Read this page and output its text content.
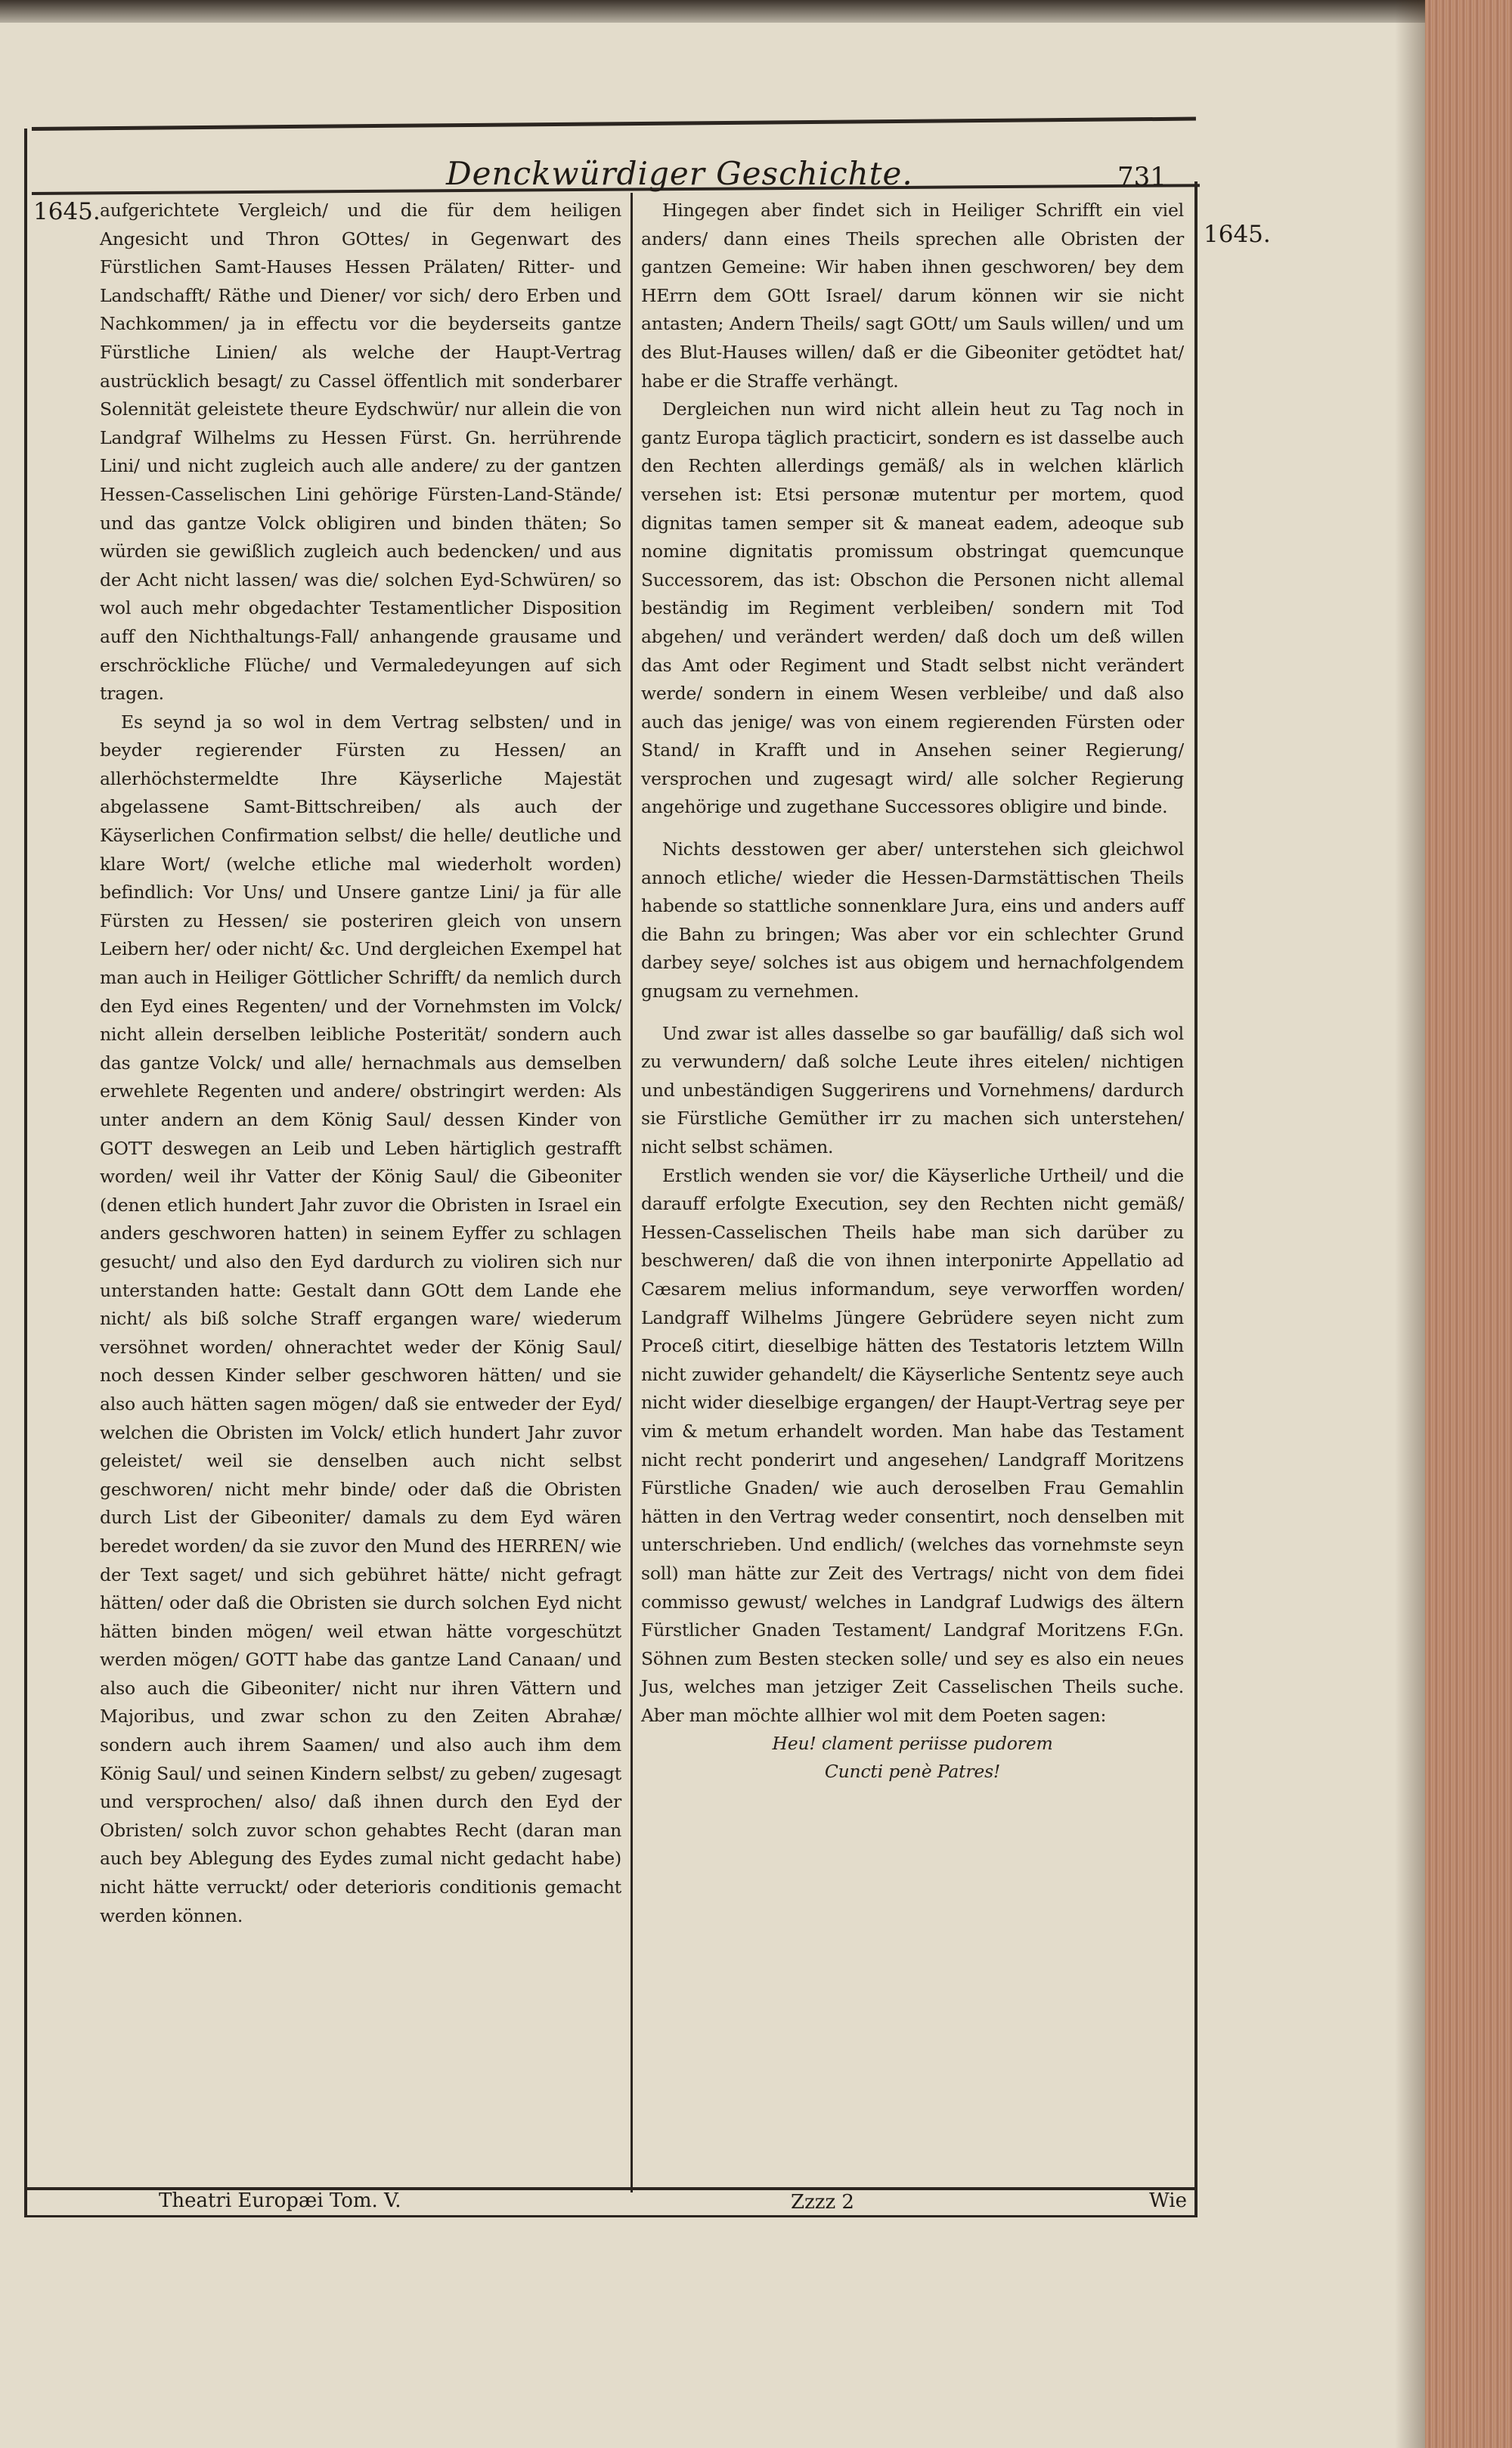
Denckwürdiger Geschichte.	731
1645.
1645.

aufgerichtete Vergleich/ und die für dem heiligen Angesicht und Thron GOttes/ in Gegenwart des Fürstlichen Samt-Hauses Hessen Prälaten/ Ritter- und Landschafft/ Räthe und Diener/ vor sich/ dero Erben und Nachkommen/ ja in effectu vor die beyderseits gantze Fürstliche Linien/ als welche der Haupt-Vertrag austrücklich besagt/ zu Cassel öffentlich mit sonderbarer Solennität geleistete theure Eydschwür/ nur allein die von Landgraf Wilhelms zu Hessen Fürst. Gn. herrührende Lini/ und nicht zugleich auch alle andere/ zu der gantzen Hessen-Casselischen Lini gehörige Fürsten-Land-Stände/ und das gantze Volck obligiren und binden thäten; So würden sie gewißlich zugleich auch bedencken/ und aus der Acht nicht lassen/ was die/ solchen Eyd-Schwüren/ so wol auch mehr obgedachter Testamentlicher Disposition auff den Nichthaltungs-Fall/ anhangende grausame und erschröckliche Flüche/ und Vermaledeyungen auf sich tragen.

Es seynd ja so wol in dem Vertrag selbsten/ und in beyder regierender Fürsten zu Hessen/ an allerhöchstermeldte Ihre Käyserliche Majestät abgelassene Samt-Bittschreiben/ als auch der Käyserlichen Confirmation selbst/ die helle/ deutliche und klare Wort/ (welche etliche mal wiederholt worden) befindlich: Vor Uns/ und Unsere gantze Lini/ ja für alle Fürsten zu Hessen/ sie posteriren gleich von unsern Leibern her/ oder nicht/ &c. Und dergleichen Exempel hat man auch in Heiliger Göttlicher Schrifft/ da nemlich durch den Eyd eines Regenten/ und der Vornehmsten im Volck/ nicht allein derselben leibliche Posterität/ sondern auch das gantze Volck/ und alle/ hernachmals aus demselben erwehlete Regenten und andere/ obstringirt werden: Als unter andern an dem König Saul/ dessen Kinder von GOTT deswegen an Leib und Leben härtiglich gestrafft worden/ weil ihr Vatter der König Saul/ die Gibeoniter (denen etlich hundert Jahr zuvor die Obristen in Israel ein anders geschworen hatten) in seinem Eyffer zu schlagen gesucht/ und also den Eyd dardurch zu violiren sich nur unterstanden hatte: Gestalt dann GOtt dem Lande ehe nicht/ als biß solche Straff ergangen ware/ wiederum versöhnet worden/ ohnerachtet weder der König Saul/ noch dessen Kinder selber geschworen hätten/ und sie also auch hätten sagen mögen/ daß sie entweder der Eyd/ welchen die Obristen im Volck/ etlich hundert Jahr zuvor geleistet/ weil sie denselben auch nicht selbst geschworen/ nicht mehr binde/ oder daß die Obristen durch List der Gibeoniter/ damals zu dem Eyd wären beredet worden/ da sie zuvor den Mund des HERREN/ wie der Text saget/ und sich gebühret hätte/ nicht gefragt hätten/ oder daß die Obristen sie durch solchen Eyd nicht hätten binden mögen/ weil etwan hätte vorgeschützt werden mögen/ GOTT habe das gantze Land Canaan/ und also auch die Gibeoniter/ nicht nur ihren Vättern und Majoribus, und zwar schon zu den Zeiten Abrahæ/ sondern auch ihrem Saamen/ und also auch ihm dem König Saul/ und seinen Kindern selbst/ zu geben/ zugesagt und versprochen/ also/ daß ihnen durch den Eyd der Obristen/ solch zuvor schon gehabtes Recht (daran man auch bey Ablegung des Eydes zumal nicht gedacht habe) nicht hätte verruckt/ oder deterioris conditionis gemacht werden können.

Hingegen aber findet sich in Heiliger Schrifft ein viel anders/ dann eines Theils sprechen alle Obristen der gantzen Gemeine: Wir haben ihnen geschworen/ bey dem HErrn dem GOtt Israel/ darum können wir sie nicht antasten; Andern Theils/ sagt GOtt/ um Sauls willen/ und um des Blut-Hauses willen/ daß er die Gibeoniter getödtet hat/ habe er die Straffe verhängt.

Dergleichen nun wird nicht allein heut zu Tag noch in gantz Europa täglich practicirt, sondern es ist dasselbe auch den Rechten allerdings gemäß/ als in welchen klärlich versehen ist: Etsi personæ mutentur per mortem, quod dignitas tamen semper sit & maneat eadem, adeoque sub nomine dignitatis promissum obstringat quemcunque Successorem, das ist: Obschon die Personen nicht allemal beständig im Regiment verbleiben/ sondern mit Tod abgehen/ und verändert werden/ daß doch um deß willen das Amt oder Regiment und Stadt selbst nicht verändert werde/ sondern in einem Wesen verbleibe/ und daß also auch das jenige/ was von einem regierenden Fürsten oder Stand/ in Krafft und in Ansehen seiner Regierung/ versprochen und zugesagt wird/ alle solcher Regierung angehörige und zugethane Successores obligire und binde.

Nichts desstowen ger aber/ unterstehen sich gleichwol annoch etliche/ wieder die Hessen-Darmstättischen Theils habende so stattliche sonnenklare Jura, eins und anders auff die Bahn zu bringen; Was aber vor ein schlechter Grund darbey seye/ solches ist aus obigem und hernachfolgendem gnugsam zu vernehmen.

Und zwar ist alles dasselbe so gar baufällig/ daß sich wol zu verwundern/ daß solche Leute ihres eitelen/ nichtigen und unbeständigen Suggerirens und Vornehmens/ dardurch sie Fürstliche Gemüther irr zu machen sich unterstehen/ nicht selbst schämen.

Erstlich wenden sie vor/ die Käyserliche Urtheil/ und die darauff erfolgte Execution, sey den Rechten nicht gemäß/ Hessen-Casselischen Theils habe man sich darüber zu beschweren/ daß die von ihnen interponirte Appellatio ad Cæsarem melius informandum, seye verworffen worden/ Landgraff Wilhelms Jüngere Gebrüdere seyen nicht zum Proceß citirt, dieselbige hätten des Testatoris letztem Willn nicht zuwider gehandelt/ die Käyserliche Sententz seye auch nicht wider dieselbige ergangen/ der Haupt-Vertrag seye per vim & metum erhandelt worden. Man habe das Testament nicht recht ponderirt und angesehen/ Landgraff Moritzens Fürstliche Gnaden/ wie auch deroselben Frau Gemahlin hätten in den Vertrag weder consentirt, noch denselben mit unterschrieben. Und endlich/ (welches das vornehmste seyn soll) man hätte zur Zeit des Vertrags/ nicht von dem fidei commisso gewust/ welches in Landgraf Ludwigs des ältern Fürstlicher Gnaden Testament/ Landgraf Moritzens F.Gn. Söhnen zum Besten stecken solle/ und sey es also ein neues Jus, welches man jetziger Zeit Casselischen Theils suche. Aber man möchte allhier wol mit dem Poeten sagen:

Heu! clament periisse pudorem
Cuncti penè Patres!
Theatri Europæi Tom. V.	Zzzz 2	Wie
